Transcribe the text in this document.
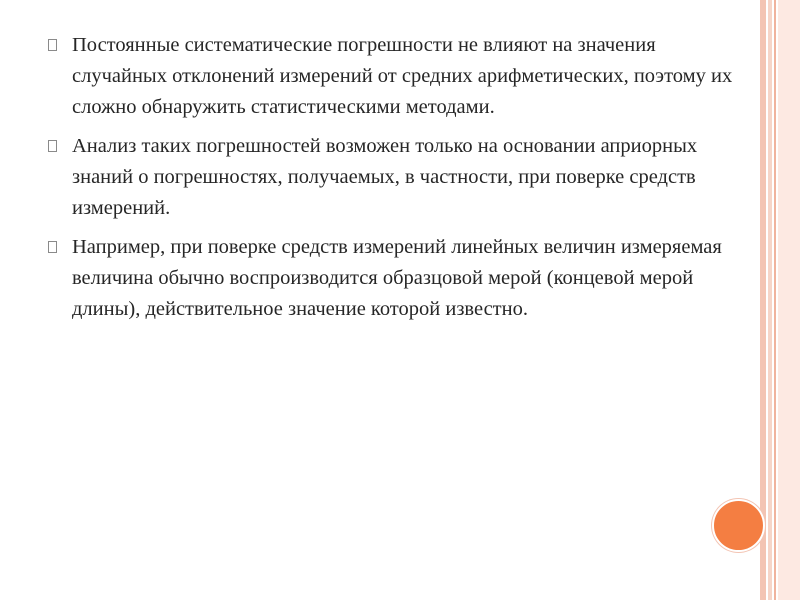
Постоянные систематические погрешности не влияют на значения случайных отклонений измерений от средних арифметических, поэтому их сложно обнаружить статистическими методами.
Анализ таких погрешностей возможен только на основании априорных знаний о погрешностях, получаемых, в частности, при поверке средств измерений.
Например, при поверке средств измерений линейных величин измеряемая величина обычно воспроизводится образцовой мерой (концевой мерой длины), действительное значение которой известно.
